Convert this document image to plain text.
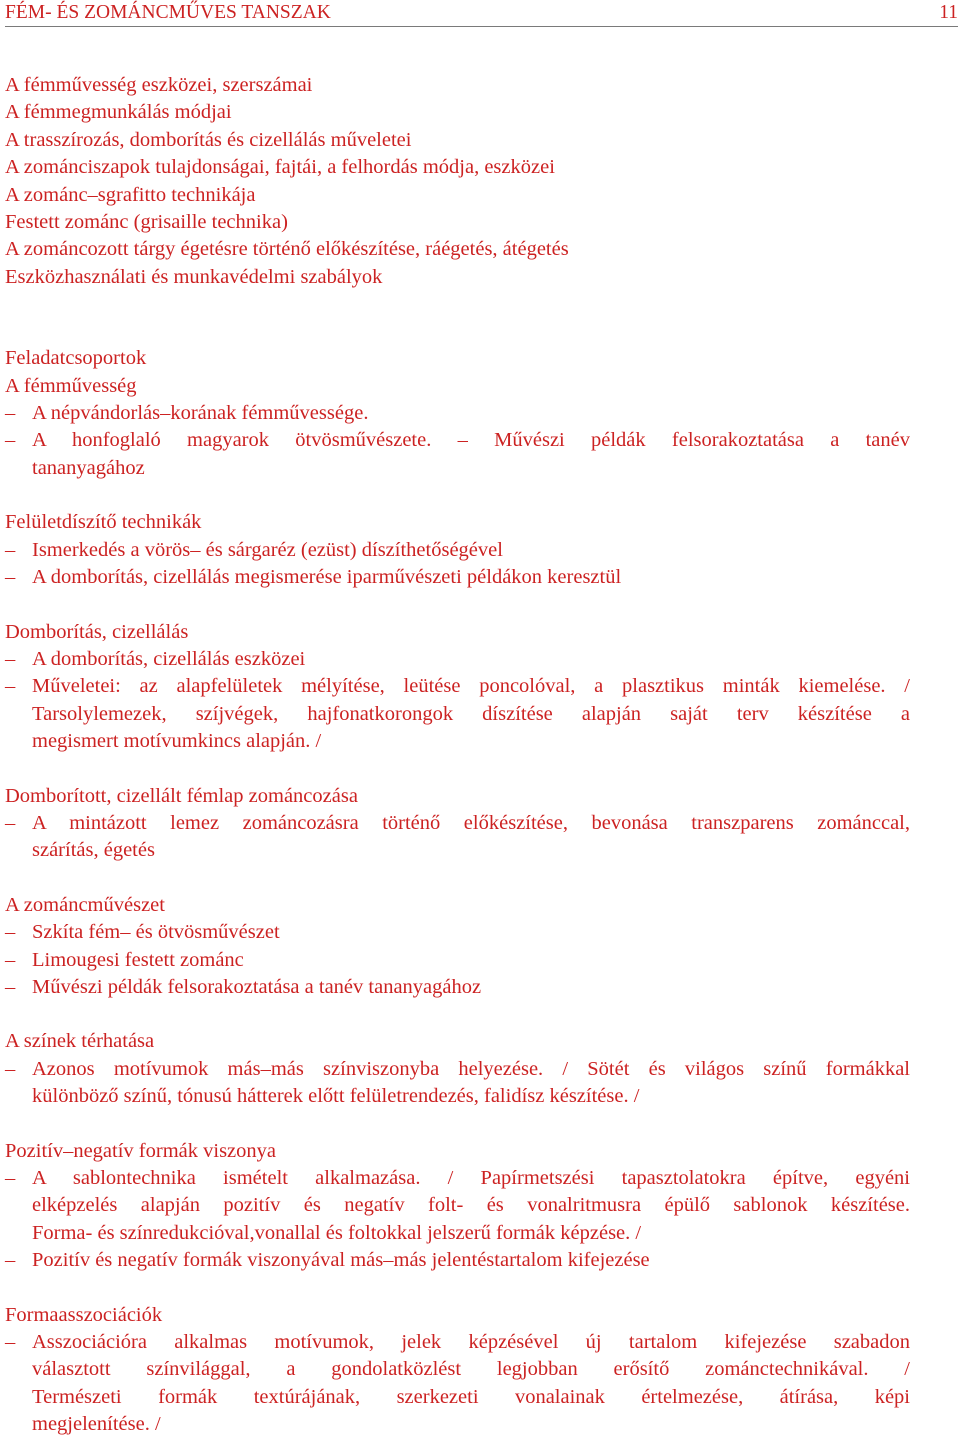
FÉM- ÉS ZOMÁNCMŰVES TANSZAK	11
A fémművesség eszközei, szerszámai
A fémmegmunkálás módjai
A trasszírozás, domborítás és cizellálás műveletei
A zománciszapok tulajdonságai, fajtái, a felhordás módja, eszközei
A zománc–sgrafitto technikája
Festett zománc (grisaille technika)
A zománcozott tárgy égetésre történő előkészítése, ráégetés, átégetés
Eszközhasználati és munkavédelmi szabályok
Feladatcsoportok
A fémművesség
– A népvándorlás–korának fémművessége.
– A honfoglaló magyarok ötvösművészete. – Művészi példák felsorakoztatása a tanév
tananyagához
Felületdíszítő technikák
– Ismerkedés a vörös– és sárgaréz (ezüst) díszíthetőségével
– A domborítás, cizellálás megismerése iparművészeti példákon keresztül
Domborítás, cizellálás
– A domborítás, cizellálás eszközei
– Műveletei: az alapfelületek mélyítése, leütése poncolóval, a plasztikus minták kiemelése. /
Tarsolylemezek, szíjvégek, hajfonatkorongok díszítése alapján saját terv készítése a
megismert motívumkincs alapján. /
Domborított, cizellált fémlap zománcozása
– A mintázott lemez zománcozásra történő előkészítése, bevonása transzparens zománccal,
szárítás, égetés
A zománcművészet
– Szkíta fém– és ötvösművészet
– Limougesi festett zománc
– Művészi példák felsorakoztatása a tanév tananyagához
A színek térhatása
– Azonos motívumok más–más színviszonyba helyezése. / Sötét és világos színű formákkal
különböző színű, tónusú hátterek előtt felületrendezés, falidísz készítése. /
Pozitív–negatív formák viszonya
– A sablontechnika ismételt alkalmazása. / Papírmetszési tapasztolatokra építve, egyéni
elképzelés alapján pozitív és negatív folt- és vonalritmusra épülő sablonok készítése.
Forma- és színredukcióval,vonallal és foltokkal jelszerű formák képzése. /
– Pozitív és negatív formák viszonyával más–más jelentéstartalom kifejezése
Formaasszociációk
– Asszociációra alkalmas motívumok, jelek képzésével új tartalom kifejezése szabadon
választott színvilággal, a gondolatközlést legjobban erősítő zománctechnikával. /
Természeti formák textúrájának, szerkezeti vonalainak értelmezése, átírása, képi
megjelenítése. /
